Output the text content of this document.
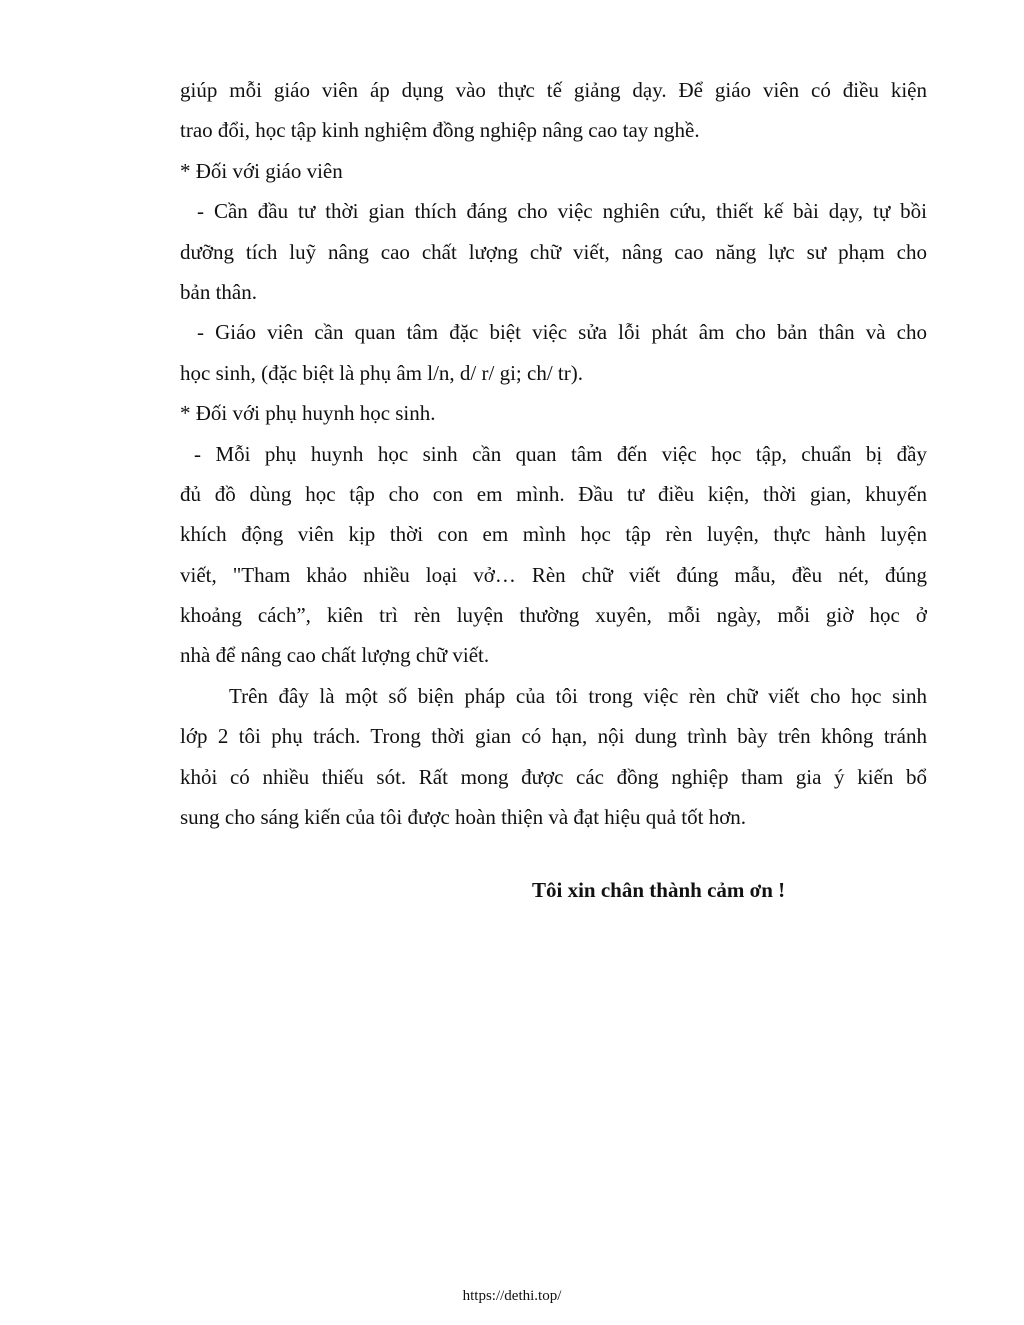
giúp mỗi giáo viên áp dụng vào thực tế giảng dạy. Để giáo viên có điều kiện
trao đổi, học tập kinh nghiệm đồng nghiệp nâng cao tay nghề.
* Đối với giáo viên
- Cần đầu tư thời gian thích đáng cho việc nghiên cứu, thiết kế bài dạy, tự bồi
dưỡng tích luỹ nâng cao chất lượng chữ viết, nâng cao năng lực sư phạm cho
bản thân.
- Giáo viên cần quan tâm đặc biệt việc sửa lỗi phát âm cho bản thân và cho
học sinh, (đặc biệt là phụ âm l/n, d/ r/ gi; ch/ tr).
* Đối với phụ huynh học sinh.
- Mỗi phụ huynh học sinh cần quan tâm đến việc học tập, chuẩn bị đầy
đủ đồ dùng học tập cho con em mình. Đầu tư điều kiện, thời gian, khuyến
khích động viên kịp thời con em mình học tập rèn luyện, thực hành luyện
viết, "Tham khảo nhiều loại vở… Rèn chữ viết đúng mẫu, đều nét, đúng
khoảng cách”, kiên trì rèn luyện thường xuyên, mỗi ngày, mỗi giờ học ở
nhà để nâng cao chất lượng chữ viết.
Trên đây là một số biện pháp của tôi trong việc rèn chữ viết cho học sinh
lớp 2 tôi phụ trách. Trong thời gian có hạn, nội dung trình bày trên không tránh
khỏi có nhiều thiếu sót. Rất mong được các đồng nghiệp tham gia ý kiến bổ
sung cho sáng kiến của tôi được hoàn thiện và đạt hiệu quả tốt hơn.
Tôi xin chân thành cảm ơn !
https://dethi.top/
